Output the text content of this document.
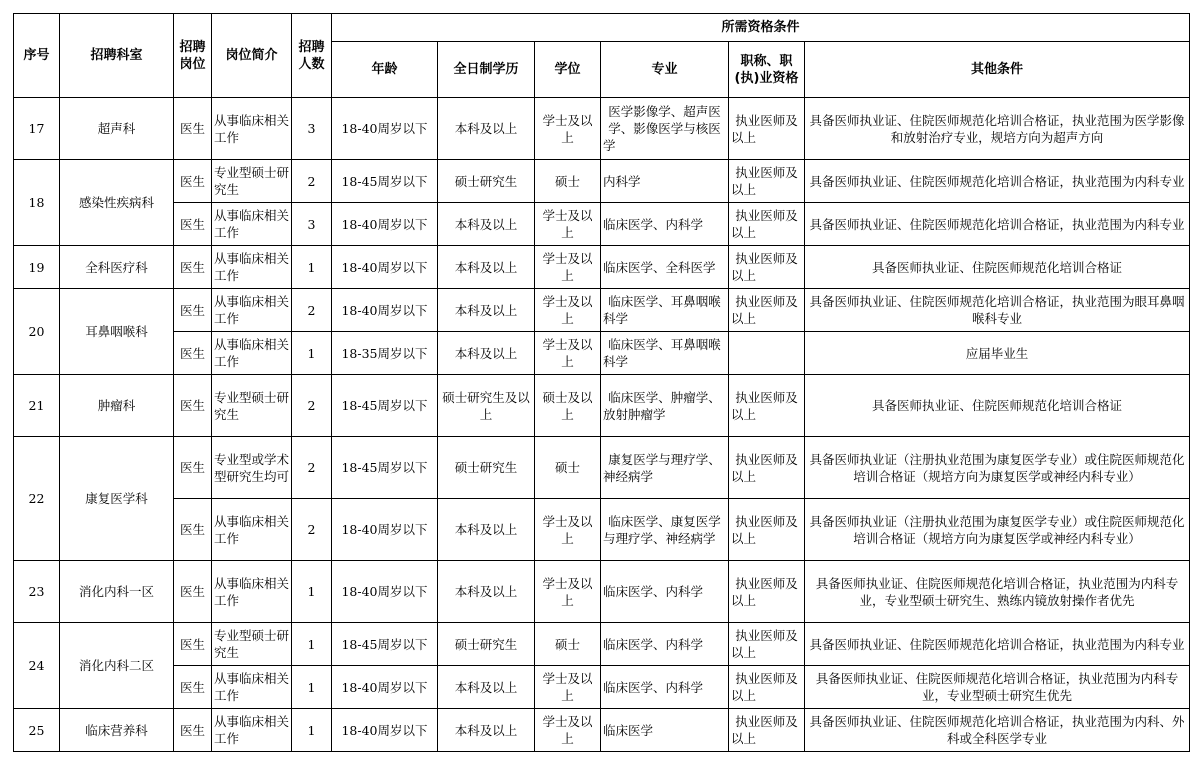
序号	招聘科室	招聘岗位	岗位简介	招聘人数	所需资格条件					
					年龄	全日制学历	学位	专业	职称、职(执)业资格	其他条件
17	超声科	医生	从事临床相关工作	3	18-40周岁以下	本科及以上	学士及以上	医学影像学、超声医学、影像医学与核医学	执业医师及以上	具备医师执业证、住院医师规范化培训合格证，执业范围为医学影像和放射治疗专业，规培方向为超声方向
18	感染性疾病科	医生	专业型硕士研究生	2	18-45周岁以下	硕士研究生	硕士	内科学	执业医师及以上	具备医师执业证、住院医师规范化培训合格证，执业范围为内科专业
		医生	从事临床相关工作	3	18-40周岁以下	本科及以上	学士及以上	临床医学、内科学	执业医师及以上	具备医师执业证、住院医师规范化培训合格证，执业范围为内科专业
19	全科医疗科	医生	从事临床相关工作	1	18-40周岁以下	本科及以上	学士及以上	临床医学、全科医学	执业医师及以上	具备医师执业证、住院医师规范化培训合格证
20	耳鼻咽喉科	医生	从事临床相关工作	2	18-40周岁以下	本科及以上	学士及以上	临床医学、耳鼻咽喉科学	执业医师及以上	具备医师执业证、住院医师规范化培训合格证，执业范围为眼耳鼻咽喉科专业
		医生	从事临床相关工作	1	18-35周岁以下	本科及以上	学士及以上	临床医学、耳鼻咽喉科学		应届毕业生
21	肿瘤科	医生	专业型硕士研究生	2	18-45周岁以下	硕士研究生及以上	硕士及以上	临床医学、肿瘤学、放射肿瘤学	执业医师及以上	具备医师执业证、住院医师规范化培训合格证
22	康复医学科	医生	专业型或学术型研究生均可	2	18-45周岁以下	硕士研究生	硕士	康复医学与理疗学、神经病学	执业医师及以上	具备医师执业证（注册执业范围为康复医学专业）或住院医师规范化培训合格证（规培方向为康复医学或神经内科专业）
		医生	从事临床相关工作	2	18-40周岁以下	本科及以上	学士及以上	临床医学、康复医学与理疗学、神经病学	执业医师及以上	具备医师执业证（注册执业范围为康复医学专业）或住院医师规范化培训合格证（规培方向为康复医学或神经内科专业）
23	消化内科一区	医生	从事临床相关工作	1	18-40周岁以下	本科及以上	学士及以上	临床医学、内科学	执业医师及以上	具备医师执业证、住院医师规范化培训合格证，执业范围为内科专业，专业型硕士研究生、熟练内镜放射操作者优先
24	消化内科二区	医生	专业型硕士研究生	1	18-45周岁以下	硕士研究生	硕士	临床医学、内科学	执业医师及以上	具备医师执业证、住院医师规范化培训合格证，执业范围为内科专业
		医生	从事临床相关工作	1	18-40周岁以下	本科及以上	学士及以上	临床医学、内科学	执业医师及以上	具备医师执业证、住院医师规范化培训合格证，执业范围为内科专业，专业型硕士研究生优先
25	临床营养科	医生	从事临床相关工作	1	18-40周岁以下	本科及以上	学士及以上	临床医学	执业医师及以上	具备医师执业证、住院医师规范化培训合格证，执业范围为内科、外科或全科医学专业
